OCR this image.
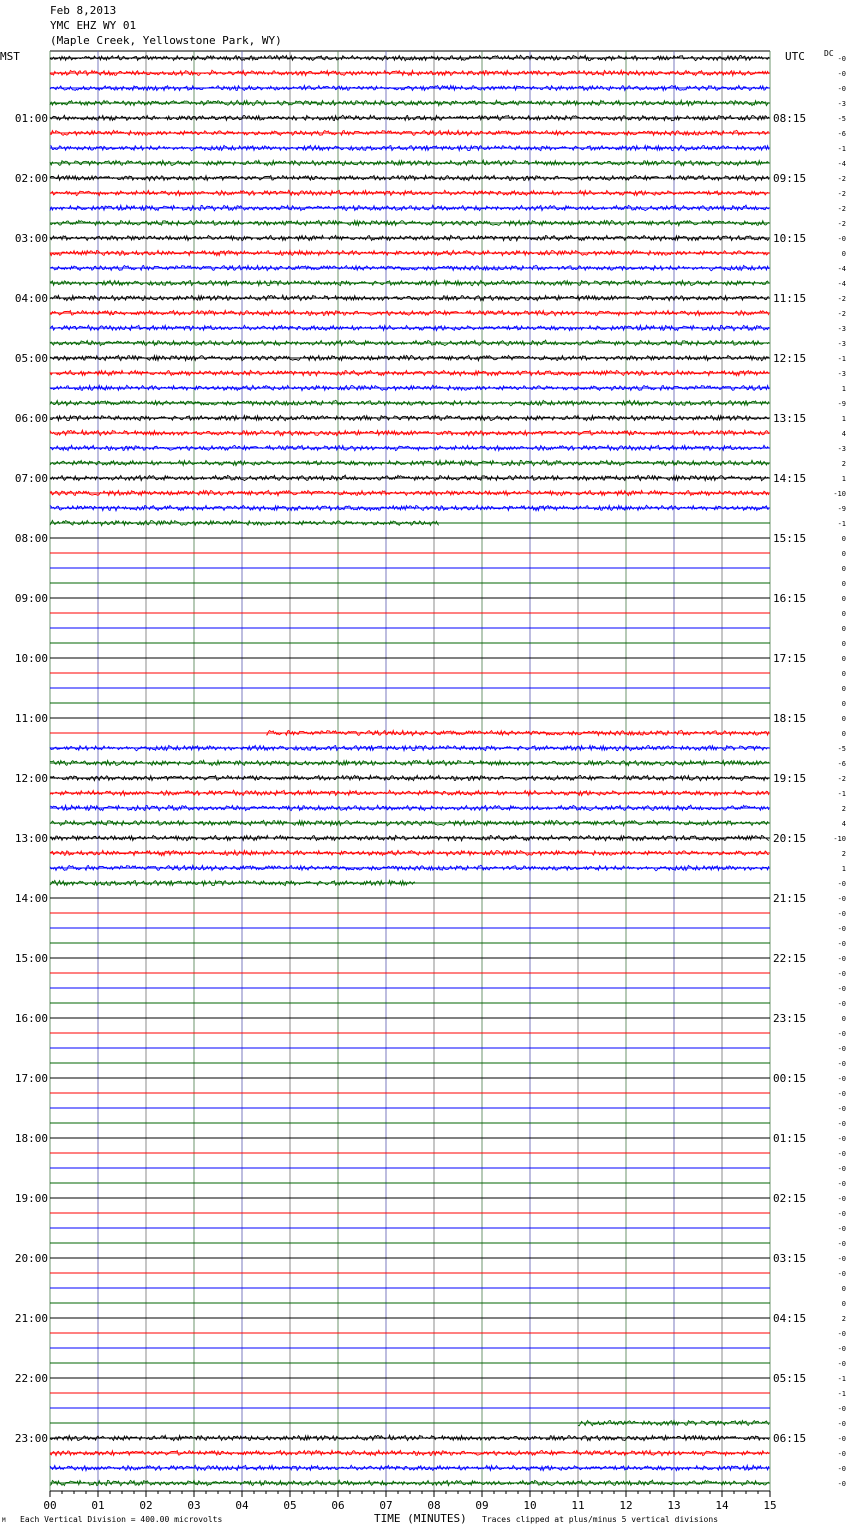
Feb 8,2013
YMC EHZ WY 01
(Maple Creek, Yellowstone Park, WY)
MST	UTC DC
-0
-0
-0
-3
-5
-6
-1
-4
-2
-2
-2
-2
-0
0
-4
-4
-2
-2
-3
-3
-1
-3
1
-9
1
4
-3
2
1
-10
-9
-1
0
0
0
0
0
0
0
0
0
0
0
0
0
0
-5
-6
-2
-1
2
4
-10
2
1
-0
-0
-0
-0
-0
-0
-0
-0
-0
0
-0
-0
-0
-0
-0
-0
-0
-0
-0
-0
-0
-0
-0
-0
-0
-0
-0
0
0
2
-0
-0
-0
-1
-1
-0
-0
-0
-0
-0
-0
01:00	08:15
02:00	09:15
03:00	10:15
04:00	11:15
05:00	12:15
06:00	13:15
07:00	14:15
08:00	15:15
09:00	16:15
10:00	17:15
11:00	18:15
12:00	19:15
13:00	20:15
14:00	21:15
15:00	22:15
16:00	23:15
17:00	00:15
18:00	01:15
19:00	02:15
20:00	03:15
21:00	04:15
22:00	05:15
23:00	06:15
00	01	02	03	04	05	06	07	08	09	10	11	12	13	14	15
Each Vertical Division = 400.00 microvolts	TIME (MINUTES) Traces clipped at plus/minus 5 vertical divisions
M
